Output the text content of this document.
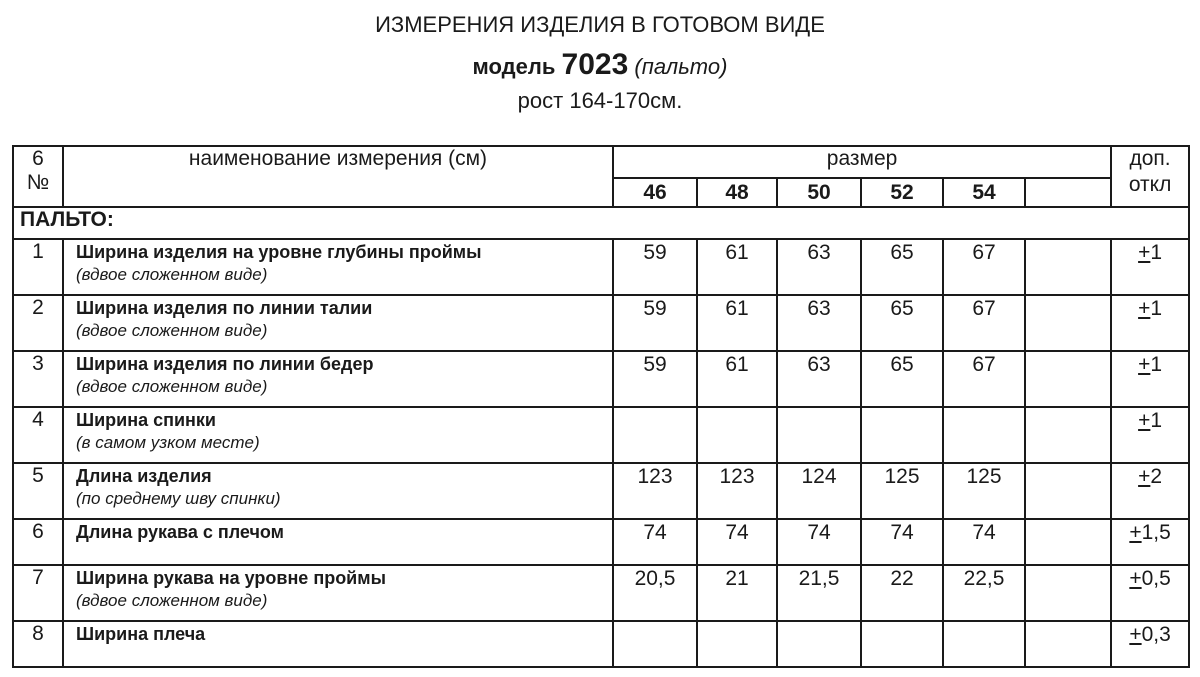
ИЗМЕРЕНИЯ ИЗДЕЛИЯ В ГОТОВОМ ВИДЕ
модель 7023 (пальто)
рост 164-170см.
6
№	наименование измерения (см)	размер						доп.
откл

		46	48	50	52	54		
ПАЛЬТО:								
1	Ширина изделия на уровне глубины проймы
(вдвое сложенном виде)	59	61	63	65	67		+1

2	Ширина изделия по линии талии
(вдвое сложенном виде)	59	61	63	65	67		+1

3	Ширина изделия по линии бедер
(вдвое сложенном виде)	59	61	63	65	67		+1

4	Ширина спинки
(в самом узком месте)							+1

5	Длина изделия
(по среднему шву спинки)	123	123	124	125	125		+2

6	Длина рукава с плечом	74	74	74	74	74		+1,5

7	Ширина рукава на уровне проймы
(вдвое сложенном виде)	20,5	21	21,5	22	22,5		+0,5

8	Ширина плеча							+0,3
